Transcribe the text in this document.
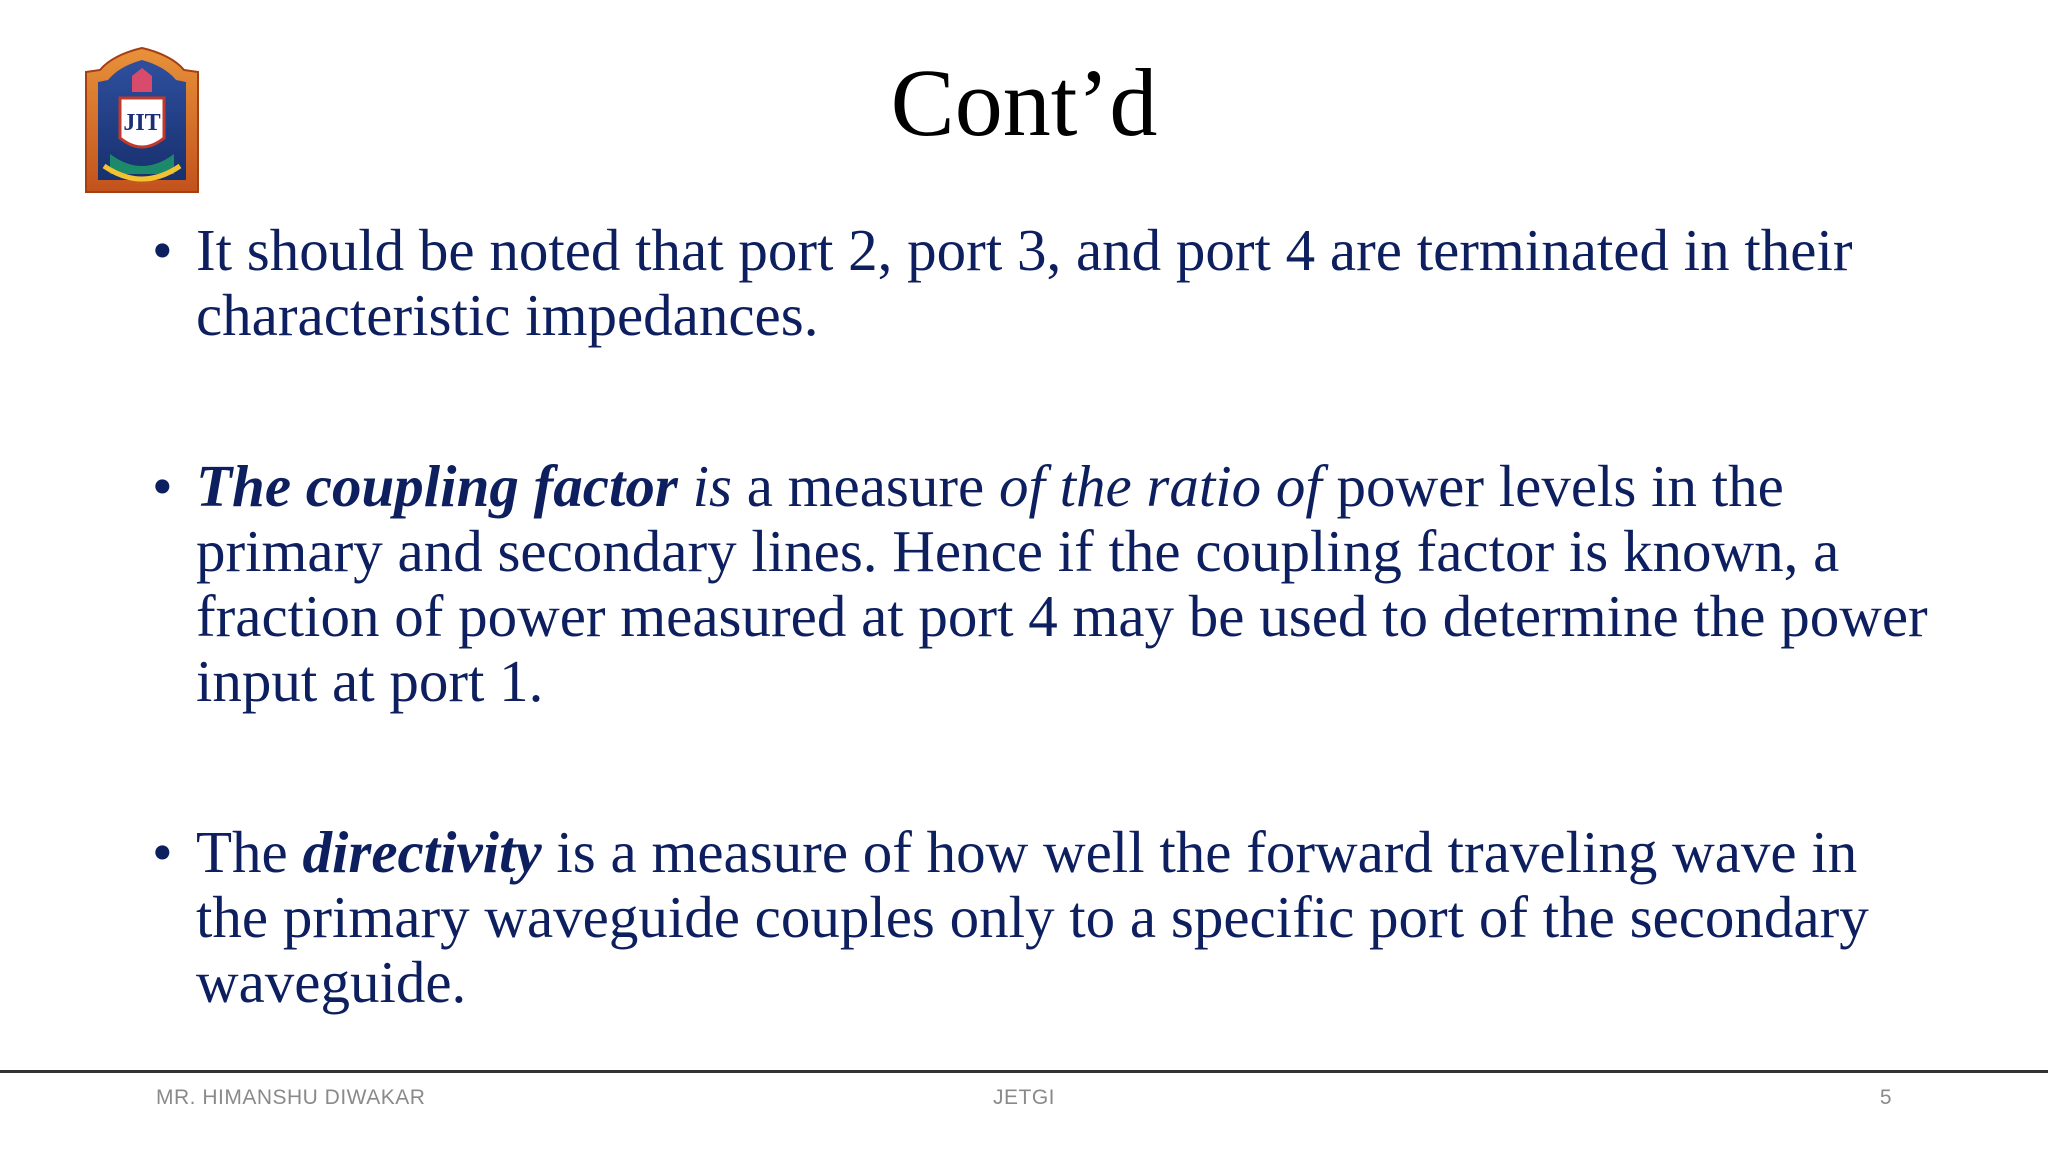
JIT	Cont’d
• It should be noted that port 2, port 3, and port 4 are terminated in their characteristic impedances.
• The coupling factor is a measure of the ratio of power levels in the primary and secondary lines. Hence if the coupling factor is known, a fraction of power measured at port 4 may be used to determine the power input at port 1.
• The directivity is a measure of how well the forward traveling wave in the primary waveguide couples only to a specific port of the secondary waveguide.
MR. HIMANSHU DIWAKAR	JETGI	5
